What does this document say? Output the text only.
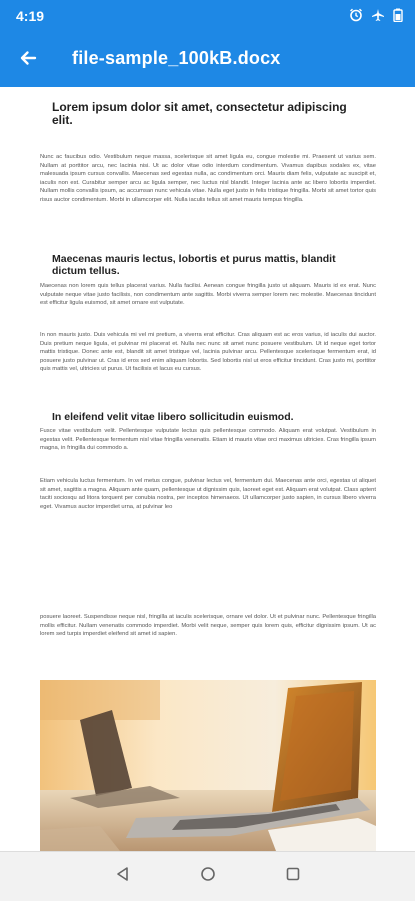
4:19
file-sample_100kB.docx
Lorem ipsum dolor sit amet, consectetur adipiscing elit.

Nunc ac faucibus odio. Vestibulum neque massa, scelerisque sit amet ligula eu, congue molestie mi. Praesent ut varius sem. Nullam at porttitor arcu, nec lacinia nisi. Ut ac dolor vitae odio interdum condimentum. Vivamus dapibus sodales ex, vitae malesuada ipsum cursus convallis. Maecenas sed egestas nulla, ac condimentum orci. Mauris diam felis, vulputate ac suscipit et, iaculis non est. Curabitur semper arcu ac ligula semper, nec luctus nisl blandit. Integer lacinia ante ac libero lobortis imperdiet. Nullam mollis convallis ipsum, ac accumsan nunc vehicula vitae. Nulla eget justo in felis tristique fringilla. Morbi sit amet tortor quis risus auctor condimentum. Morbi in ullamcorper elit. Nulla iaculis tellus sit amet mauris tempus fringilla.

Maecenas mauris lectus, lobortis et purus mattis, blandit dictum tellus.

Maecenas non lorem quis tellus placerat varius. Nulla facilisi. Aenean congue fringilla justo ut aliquam. Mauris id ex erat. Nunc vulputate neque vitae justo facilisis, non condimentum ante sagittis. Morbi viverra semper lorem nec molestie. Maecenas tincidunt est efficitur ligula euismod, sit amet ornare est vulputate.

In non mauris justo. Duis vehicula mi vel mi pretium, a viverra erat efficitur. Cras aliquam est ac eros varius, id iaculis dui auctor. Duis pretium neque ligula, et pulvinar mi placerat et. Nulla nec nunc sit amet nunc posuere vestibulum. Ut id neque eget tortor mattis tristique. Donec ante est, blandit sit amet tristique vel, lacinia pulvinar arcu. Pellentesque scelerisque fermentum erat, id posuere justo pulvinar ut. Cras id eros sed enim aliquam lobortis. Sed lobortis nisl ut eros efficitur tincidunt. Cras justo mi, porttitor quis mattis vel, ultricies ut purus. Ut facilisis et lacus eu cursus.

In eleifend velit vitae libero sollicitudin euismod.

Fusce vitae vestibulum velit. Pellentesque vulputate lectus quis pellentesque commodo. Aliquam erat volutpat. Vestibulum in egestas velit. Pellentesque fermentum nisl vitae fringilla venenatis. Etiam id mauris vitae orci maximus ultricies. Cras fringilla ipsum magna, in fringilla dui commodo a.

Etiam vehicula luctus fermentum. In vel metus congue, pulvinar lectus vel, fermentum dui. Maecenas ante orci, egestas ut aliquet sit amet, sagittis a magna. Aliquam ante quam, pellentesque ut dignissim quis, laoreet eget est. Aliquam erat volutpat. Class aptent taciti sociosqu ad litora torquent per conubia nostra, per inceptos himenaeos. Ut ullamcorper justo sapien, in cursus libero viverra eget. Vivamus auctor imperdiet urna, at pulvinar leo

posuere laoreet. Suspendisse neque nisl, fringilla at iaculis scelerisque, ornare vel dolor. Ut et pulvinar nunc. Pellentesque fringilla mollis efficitur. Nullam venenatis commodo imperdiet. Morbi velit neque, semper quis lorem quis, efficitur dignissim ipsum. Ut ac lorem sed turpis imperdiet eleifend sit amet id sapien.
